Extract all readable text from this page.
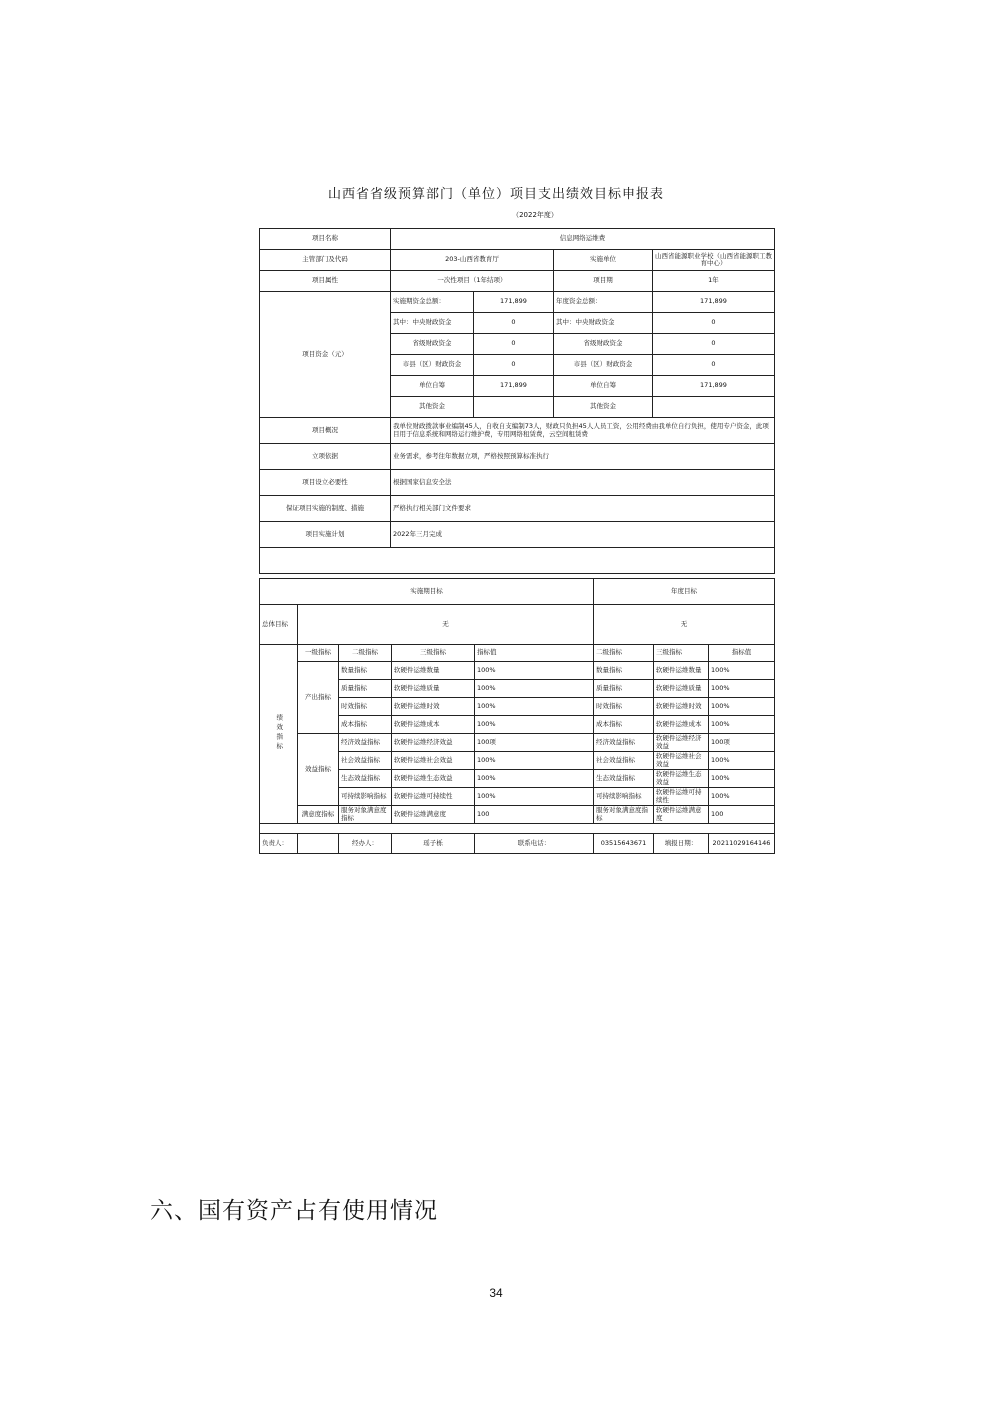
山西省省级预算部门（单位）项目支出绩效目标申报表
（2022年度）
项目名称	信息网络运维费			
主管部门及代码	203-山西省教育厅		实施单位	山西省能源职业学校（山西省能源职工教育中心）
项目属性	一次性项目（1年结项）		项目期	1年
项目资金（元）	实施期资金总额：	171,899	年度资金总额：	171,899
	其中：中央财政资金	0	其中：中央财政资金	0
	省级财政资金	0	省级财政资金	0
	市县（区）财政资金	0	市县（区）财政资金	0
	单位自筹	171,899	单位自筹	171,899
	其他资金		其他资金	
项目概况	我单位财政拨款事业编制45人，自收自支编制73人，财政只负担45人人员工资，公用经费由我单位自行负担，使用专户资金，此项目用于信息系统和网络运行维护费，专用网络租赁费，云空间租赁费			
立项依据	业务需求，参考往年数据立项，严格按照预算标准执行			
项目设立必要性	根据国家信息安全法			
保证项目实施的制度、措施	严格执行相关部门文件要求			
项目实施计划	2022年三月完成			

实施期目标					年度目标		
总体目标	无				无		
绩效指标	一级指标	二级指标	三级指标	指标值	二级指标	三级指标	指标值
	产出指标	数量指标	软硬件运维数量	100%	数量指标	软硬件运维数量	100%
		质量指标	软硬件运维质量	100%	质量指标	软硬件运维质量	100%
		时效指标	软硬件运维时效	100%	时效指标	软硬件运维时效	100%
		成本指标	软硬件运维成本	100%	成本指标	软硬件运维成本	100%
	效益指标	经济效益指标	软硬件运维经济效益	100项	经济效益指标	软硬件运维经济效益	100项
		社会效益指标	软硬件运维社会效益	100%	社会效益指标	软硬件运维社会效益	100%
		生态效益指标	软硬件运维生态效益	100%	生态效益指标	软硬件运维生态效益	100%
		可持续影响指标	软硬件运维可持续性	100%	可持续影响指标	软硬件运维可持续性	100%
	满意度指标	服务对象满意度指标	软硬件运维满意度	100	服务对象满意度指标	软硬件运维满意度	100

负责人：		经办人：	瑶子栎	联系电话：	03515643671	填报日期：	20211029164146
六、国有资产占有使用情况
34
